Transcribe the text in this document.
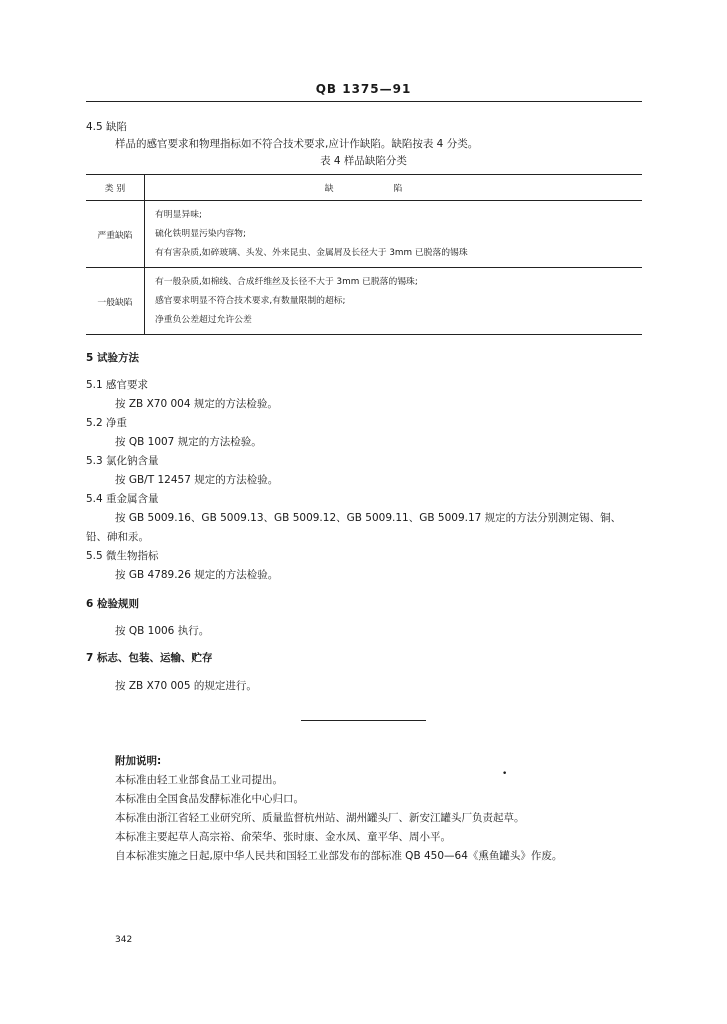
QB 1375—91
4.5 缺陷
样品的感官要求和物理指标如不符合技术要求,应计作缺陷。缺陷按表 4 分类。
表 4 样品缺陷分类
类 别	缺陷
严重缺陷	有明显异味;
硫化铁明显污染内容物;
有有害杂质,如碎玻璃、头发、外来昆虫、金属屑及长径大于 3mm 已脱落的锡珠

一般缺陷	有一般杂质,如棉线、合成纤维丝及长径不大于 3mm 已脱落的锡珠;
感官要求明显不符合技术要求,有数量限制的超标;
净重负公差超过允许公差
5 试验方法
5.1 感官要求
按 ZB X70 004 规定的方法检验。
5.2 净重
按 QB 1007 规定的方法检验。
5.3 氯化钠含量
按 GB/T 12457 规定的方法检验。
5.4 重金属含量
按 GB 5009.16、GB 5009.13、GB 5009.12、GB 5009.11、GB 5009.17 规定的方法分别测定锡、铜、
铅、砷和汞。
5.5 微生物指标
按 GB 4789.26 规定的方法检验。
6 检验规则
按 QB 1006 执行。
7 标志、包装、运输、贮存
按 ZB X70 005 的规定进行。
附加说明:
本标准由轻工业部食品工业司提出。
本标准由全国食品发酵标准化中心归口。
本标准由浙江省轻工业研究所、质量监督杭州站、湖州罐头厂、新安江罐头厂负责起草。
本标准主要起草人高宗裕、俞荣华、张时康、金水凤、童平华、周小平。
自本标准实施之日起,原中华人民共和国轻工业部发布的部标准 QB 450—64《熏鱼罐头》作废。
•
342
